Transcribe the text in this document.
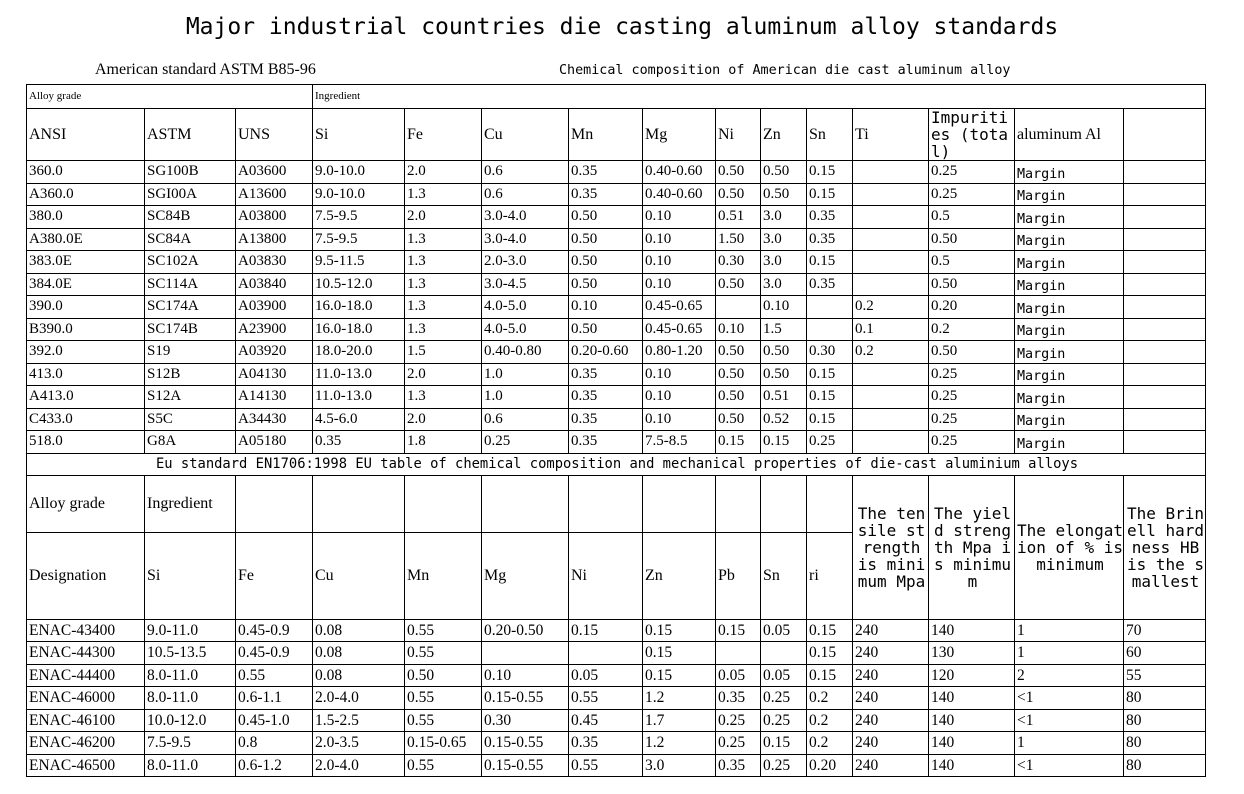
Major industrial countries die casting aluminum alloy standards
American standard ASTM B85-96	Chemical composition of American die cast aluminum alloy
Alloy grade			Ingredient											
ANSI	ASTM	UNS	Si	Fe	Cu	Mn	Mg	Ni	Zn	Sn	Ti	Impurities (total)	aluminum Al	
360.0	SG100B	A03600	9.0-10.0	2.0	0.6	0.35	0.40-0.60	0.50	0.50	0.15		0.25	Margin	
A360.0	SGI00A	A13600	9.0-10.0	1.3	0.6	0.35	0.40-0.60	0.50	0.50	0.15		0.25	Margin	
380.0	SC84B	A03800	7.5-9.5	2.0	3.0-4.0	0.50	0.10	0.51	3.0	0.35		0.5	Margin	
A380.0E	SC84A	A13800	7.5-9.5	1.3	3.0-4.0	0.50	0.10	1.50	3.0	0.35		0.50	Margin	
383.0E	SC102A	A03830	9.5-11.5	1.3	2.0-3.0	0.50	0.10	0.30	3.0	0.15		0.5	Margin	
384.0E	SC114A	A03840	10.5-12.0	1.3	3.0-4.5	0.50	0.10	0.50	3.0	0.35		0.50	Margin	
390.0	SC174A	A03900	16.0-18.0	1.3	4.0-5.0	0.10	0.45-0.65		0.10		0.2	0.20	Margin	
B390.0	SC174B	A23900	16.0-18.0	1.3	4.0-5.0	0.50	0.45-0.65	0.10	1.5		0.1	0.2	Margin	
392.0	S19	A03920	18.0-20.0	1.5	0.40-0.80	0.20-0.60	0.80-1.20	0.50	0.50	0.30	0.2	0.50	Margin	
413.0	S12B	A04130	11.0-13.0	2.0	1.0	0.35	0.10	0.50	0.50	0.15		0.25	Margin	
A413.0	S12A	A14130	11.0-13.0	1.3	1.0	0.35	0.10	0.50	0.51	0.15		0.25	Margin	
C433.0	S5C	A34430	4.5-6.0	2.0	0.6	0.35	0.10	0.50	0.52	0.15		0.25	Margin	
518.0	G8A	A05180	0.35	1.8	0.25	0.35	7.5-8.5	0.15	0.15	0.25		0.25	Margin	
Eu standard EN1706:1998 EU table of chemical composition and mechanical properties of die-cast aluminium alloys														
Alloy grade	Ingredient										The tensile strength is minimum Mpa	The yield strength Mpa is minimum	The elongation of % is minimum	The Brinell hardness HB is the smallest
Designation	Si	Fe	Cu	Mn	Mg	Ni	Zn	Pb	Sn	ri				
ENAC-43400	9.0-11.0	0.45-0.9	0.08	0.55	0.20-0.50	0.15	0.15	0.15	0.05	0.15	240	140	1	70
ENAC-44300	10.5-13.5	0.45-0.9	0.08	0.55			0.15			0.15	240	130	1	60
ENAC-44400	8.0-11.0	0.55	0.08	0.50	0.10	0.05	0.15	0.05	0.05	0.15	240	120	2	55
ENAC-46000	8.0-11.0	0.6-1.1	2.0-4.0	0.55	0.15-0.55	0.55	1.2	0.35	0.25	0.2	240	140	<1	80
ENAC-46100	10.0-12.0	0.45-1.0	1.5-2.5	0.55	0.30	0.45	1.7	0.25	0.25	0.2	240	140	<1	80
ENAC-46200	7.5-9.5	0.8	2.0-3.5	0.15-0.65	0.15-0.55	0.35	1.2	0.25	0.15	0.2	240	140	1	80
ENAC-46500	8.0-11.0	0.6-1.2	2.0-4.0	0.55	0.15-0.55	0.55	3.0	0.35	0.25	0.20	240	140	<1	80
